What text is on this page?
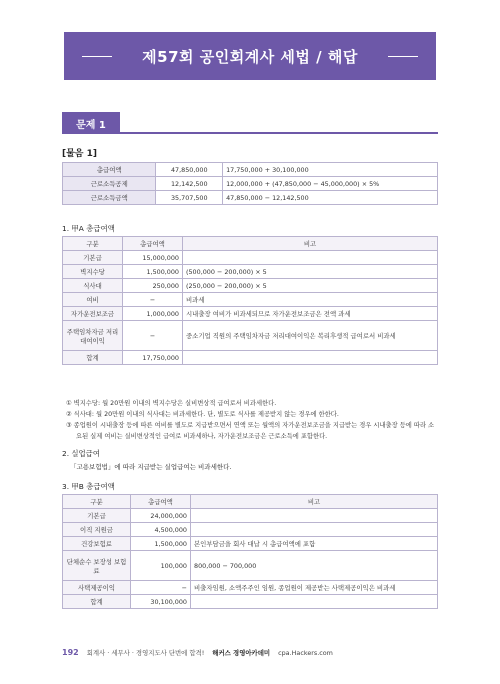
제57회 공인회계사 세법 / 해답
문제 1
[물음 1]
총급여액	47,850,000	17,750,000 + 30,100,000
근로소득공제	12,142,500	12,000,000 + (47,850,000 − 45,000,000) × 5%
근로소득금액	35,707,500	47,850,000 − 12,142,500
1. 甲A 총급여액
구분	총급여액	비고
기본급	15,000,000	
벽지수당	1,500,000	(500,000 − 200,000) × 5
식사대	250,000	(250,000 − 200,000) × 5
여비	−	비과세
자가운전보조금	1,000,000	시내출장 여비가 비과세되므로 자가운전보조금은 전액 과세
주택임차자금 저리대여이익	−	중소기업 직원의 주택임차자금 저리대여이익은 복리후생적 급여로서 비과세
합계	17,750,000	

① 벽지수당: 월 20만원 이내의 벽지수당은 실비변상적 급여로서 비과세한다.

② 식사대: 월 20만원 이내의 식사대는 비과세한다. 단, 별도로 식사를 제공받지 않는 경우에 한한다.

③ 종업원이 시내출장 등에 따른 여비를 별도로 지급받으면서 연액 또는 월액의 자가운전보조금을 지급받는 경우 시내출장 등에 따라 소요된 실제 여비는 실비변상적인 급여로 비과세하나, 자가운전보조금은 근로소득에 포함한다.

2. 실업급여
「고용보험법」에 따라 지급받는 실업급여는 비과세한다.
3. 甲B 총급여액
구분	총급여액	비고
기본급	24,000,000	
이직 지원금	4,500,000	
건강보험료	1,500,000	본인부담금을 회사 대납 시 총급여액에 포함
단체순수 보장성 보험료	100,000	800,000 − 700,000
사택제공이익	−	비출자임원, 소액주주인 임원, 종업원이 제공받는 사택제공이익은 비과세
합계	30,100,000	
192 회계사 · 세무사 · 경영지도사 단번에 합격! 해커스 경영아카데미 cpa.Hackers.com
